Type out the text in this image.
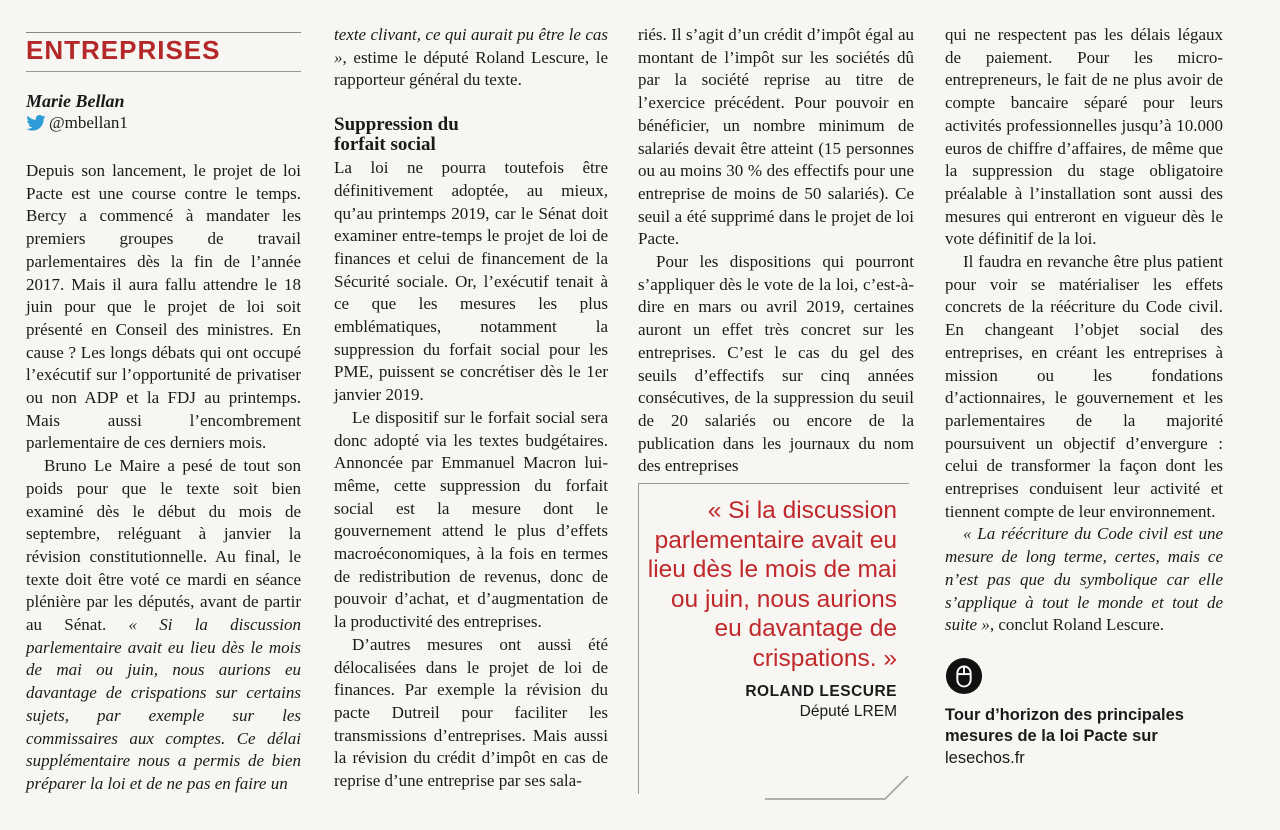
ENTREPRISES
Marie Bellan
@mbellan1

Depuis son lancement, le projet de loi Pacte est une course contre le temps. Bercy a commencé à mandater les premiers groupes de travail parlementaires dès la fin de l’année 2017. Mais il aura fallu attendre le 18 juin pour que le projet de loi soit présenté en Conseil des ministres. En cause ? Les longs débats qui ont occupé l’exécutif sur l’opportunité de privatiser ou non ADP et la FDJ au printemps. Mais aussi l’encombrement parlementaire de ces derniers mois.

Bruno Le Maire a pesé de tout son poids pour que le texte soit bien examiné dès le début du mois de septembre, reléguant à janvier la révision constitutionnelle. Au final, le texte doit être voté ce mardi en séance plénière par les députés, avant de partir au Sénat. « Si la discussion parlementaire avait eu lieu dès le mois de mai ou juin, nous aurions eu davantage de crispations sur certains sujets, par exemple sur les commissaires aux comptes. Ce délai supplémentaire nous a permis de bien préparer la loi et de ne pas en faire un

texte clivant, ce qui aurait pu être le cas », estime le député Roland Lescure, le rapporteur général du texte.

Suppression du forfait social

La loi ne pourra toutefois être définitivement adoptée, au mieux, qu’au printemps 2019, car le Sénat doit examiner entre-temps le projet de loi de finances et celui de financement de la Sécurité sociale. Or, l’exécutif tenait à ce que les mesures les plus emblématiques, notamment la suppression du forfait social pour les PME, puissent se concrétiser dès le 1er janvier 2019.

Le dispositif sur le forfait social sera donc adopté via les textes budgétaires. Annoncée par Emmanuel Macron lui-même, cette suppression du forfait social est la mesure dont le gouvernement attend le plus d’effets macroéconomiques, à la fois en termes de redistribution de revenus, donc de pouvoir d’achat, et d’augmentation de la productivité des entreprises.

D’autres mesures ont aussi été délocalisées dans le projet de loi de finances. Par exemple la révision du pacte Dutreil pour faciliter les transmissions d’entreprises. Mais aussi la révision du crédit d’impôt en cas de reprise d’une entreprise par ses sala-

riés. Il s’agit d’un crédit d’impôt égal au montant de l’impôt sur les sociétés dû par la société reprise au titre de l’exercice précédent. Pour pouvoir en bénéficier, un nombre minimum de salariés devait être atteint (15 personnes ou au moins 30 % des effectifs pour une entreprise de moins de 50 salariés). Ce seuil a été supprimé dans le projet de loi Pacte.

Pour les dispositions qui pourront s’appliquer dès le vote de la loi, c’est-à-dire en mars ou avril 2019, certaines auront un effet très concret sur les entreprises. C’est le cas du gel des seuils d’effectifs sur cinq années consécutives, de la suppression du seuil de 20 salariés ou encore de la publication dans les journaux du nom des entreprises

« Si la discussion parlementaire avait eu lieu dès le mois de mai ou juin, nous aurions eu davantage de crispations. »
ROLAND LESCURE
Député LREM

qui ne respectent pas les délais légaux de paiement. Pour les micro-entrepreneurs, le fait de ne plus avoir de compte bancaire séparé pour leurs activités professionnelles jusqu’à 10.000 euros de chiffre d’affaires, de même que la suppression du stage obligatoire préalable à l’installation sont aussi des mesures qui entreront en vigueur dès le vote définitif de la loi.

Il faudra en revanche être plus patient pour voir se matérialiser les effets concrets de la réécriture du Code civil. En changeant l’objet social des entreprises, en créant les entreprises à mission ou les fondations d’actionnaires, le gouvernement et les parlementaires de la majorité poursuivent un objectif d’envergure : celui de transformer la façon dont les entreprises conduisent leur activité et tiennent compte de leur environnement.

« La réécriture du Code civil est une mesure de long terme, certes, mais ce n’est pas que du symbolique car elle s’applique à tout le monde et tout de suite », conclut Roland Lescure.

Tour d’horizon des principales mesures de la loi Pacte sur lesechos.fr
